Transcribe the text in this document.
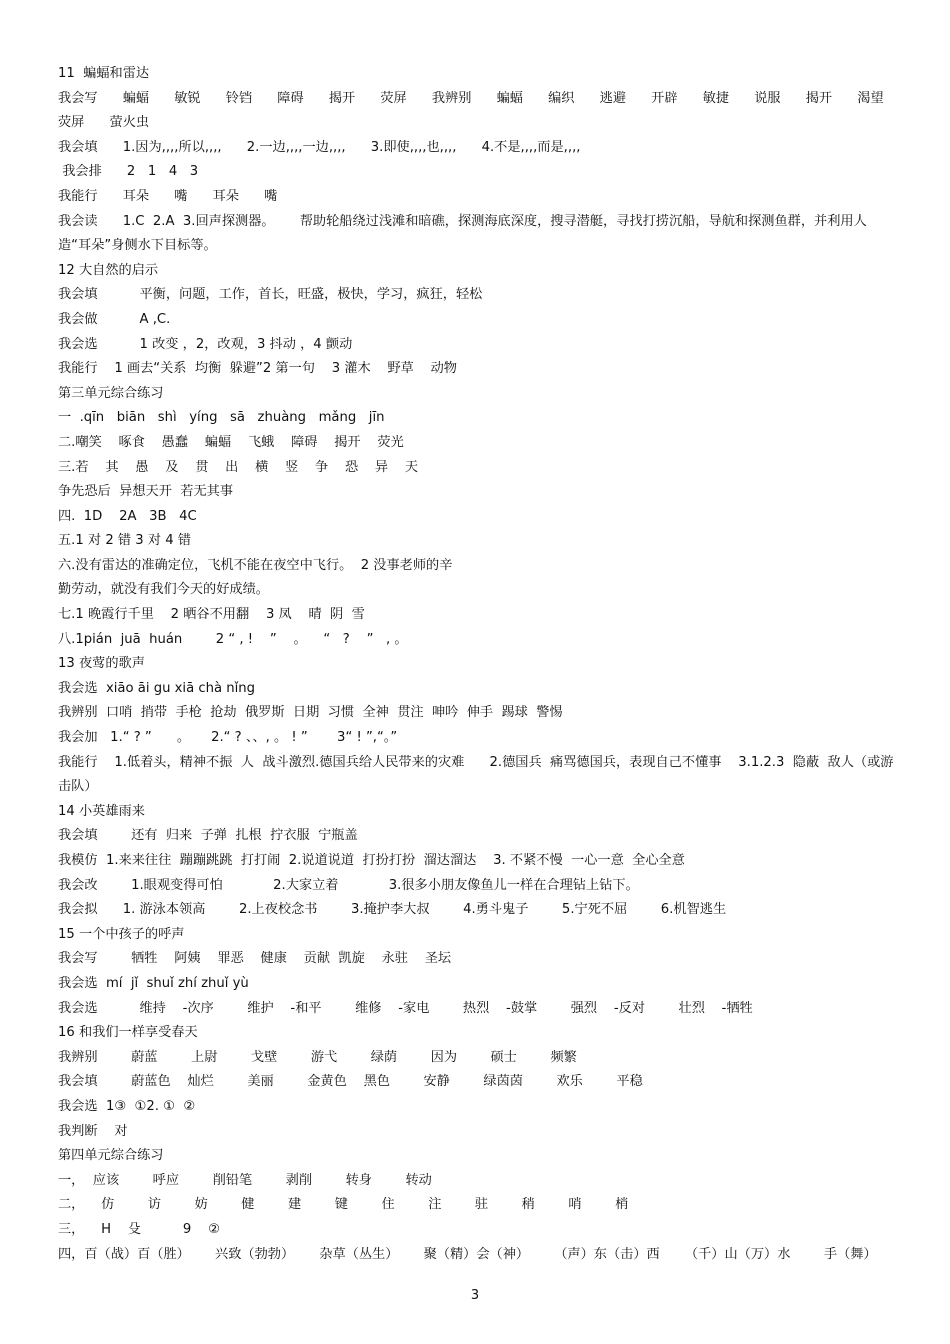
11  蝙蝠和雷达

我会写      蝙蝠      敏锐      铃铛      障碍      揭开      荧屏      我辨别      蝙蝠      编织      逃避      开辟      敏捷      说服      揭开      渴望      荧屏      萤火虫

我会填      1.因为,,,,所以,,,,      2.一边,,,,一边,,,,      3.即使,,,,也,,,,      4.不是,,,,而是,,,,

我会排      2   1   4   3

我能行      耳朵      嘴      耳朵      嘴

我会读      1.C  2.A  3.回声探测器。      帮助轮船绕过浅滩和暗礁，探测海底深度，搜寻潜艇，寻找打捞沉船，导航和探测鱼群，并利用人造“耳朵”身侧水下目标等。

12 大自然的启示

我会填          平衡，问题，工作，首长，旺盛，极快，学习，疯狂，轻松

我会做          A ,C.

我会选          1 改变 ，2，改观，3 抖动 ，4 颤动

我能行    1 画去“关系  均衡  躲避”2 第一句    3 灌木    野草    动物

第三单元综合练习

一  .qīn   biān   shì   yíng   sā   zhuàng   mǎng   jīn

二.嘲笑    啄食    愚蠢    蝙蝠    飞蛾    障碍    揭开    荧光

三.若    其    愚    及    贯    出    横    竖    争    恐    异    天

争先恐后  异想天开  若无其事

四.  1D    2A   3B   4C

五.1 对 2 错 3 对 4 错

六.没有雷达的准确定位，飞机不能在夜空中飞行。  2 没事老师的辛

勤劳动，就没有我们今天的好成绩。

七.1 晚霞行千里    2 晒谷不用翻    3 凤    晴  阴  雪

八.1pián  juā  huán        2 “ , !    ”    。    “   ?    ”   , 。

13 夜莺的歌声

我会选  xiāo āi gu xiā chà nǐng

我辨别  口哨  捎带  手枪  抢劫  俄罗斯  日期  习惯  全神  贯注  呻吟  伸手  踢球  警惕

我会加   1.“ ? ”      。     2.“ ? 、、, 。 ! ”       3“ ! ”,“。”

我能行    1.低着头，精神不振  人  战斗激烈.德国兵给人民带来的灾难      2.德国兵  痛骂德国兵，表现自己不懂事    3.1.2.3  隐蔽  敌人（或游击队）

14 小英雄雨来

我会填        还有  归来  子弹  扎根  拧衣服  宁瓶盖

我模仿  1.来来往往  蹦蹦跳跳  打打闹  2.说道说道  打扮打扮  溜达溜达    3. 不紧不慢  一心一意  全心全意

我会改        1.眼观变得可怕            2.大家立着            3.很多小朋友像鱼儿一样在合理钻上钻下。

我会拟      1. 游泳本领高        2.上夜校念书        3.掩护李大叔        4.勇斗鬼子        5.宁死不屈        6.机智逃生

15 一个中孩子的呼声

我会写        牺牲    阿姨    罪恶    健康    贡献  凯旋    永驻    圣坛

我会选  mí  jǐ  shuǐ zhí zhuǐ yù

我会选          维持    -次序        维护    -和平        维修    -家电        热烈    -鼓掌        强烈    -反对        壮烈    -牺牲

16 和我们一样享受春天

我辨别        蔚蓝        上尉        戈壁        游弋        绿荫        因为        硕士        频繁

我会填        蔚蓝色    灿烂        美丽        金黄色    黑色        安静        绿茵茵        欢乐        平稳

我会选  1③  ①2. ①  ②

我判断    对

第四单元综合练习

一，  应该        呼应        削铅笔        剥削        转身        转动

二，    仿        访        妨        健        建        键        住        注        驻        稍        哨        梢

三，    H    殳          9    ②

四，百（战）百（胜）      兴致（勃勃）      杂草（丛生）      聚（精）会（神）      （声）东（击）西      （千）山（万）水        手（舞）

3
